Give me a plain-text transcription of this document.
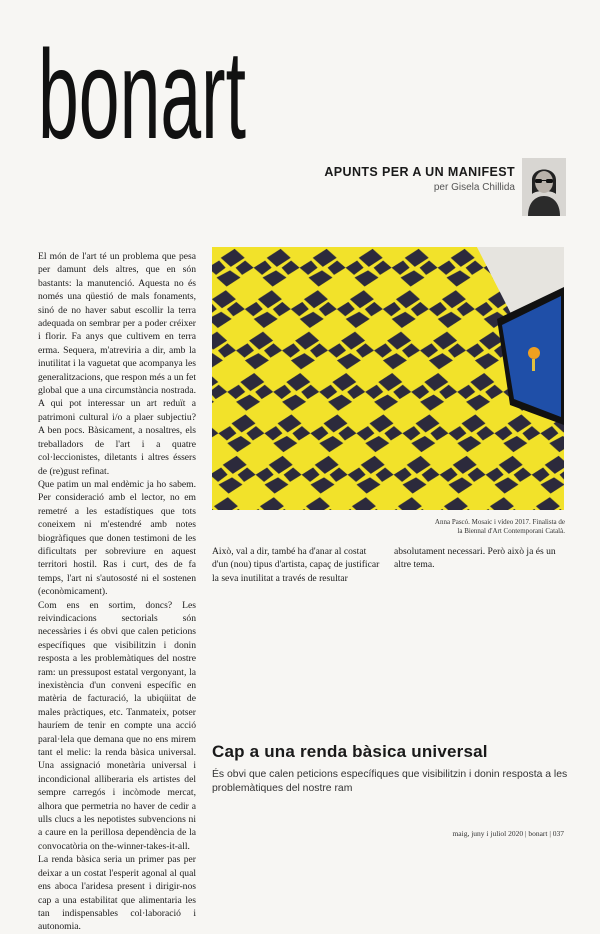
bonart
APUNTS PER A UN MANIFEST
per Gisela Chillida

El món de l'art té un problema que pesa per damunt dels altres, que en són bastants: la manutenció. Aquesta no és només una qüestió de mals fonaments, sinó de no haver sabut escollir la terra adequada on sembrar per a poder créixer i florir. Fa anys que cultivem en terra erma. Sequera, m'atreviria a dir, amb la inutilitat i la vaguetat que acompanya les generalitzacions, que respon més a un fet global que a una circumstància nostrada. A qui pot interessar un art reduït a patrimoni cultural i/o a plaer subjectiu? A ben pocs. Bàsicament, a nosaltres, els treballadors de l'art i a quatre col·leccionistes, diletants i altres éssers de (re)gust refinat.

Que patim un mal endèmic ja ho sabem. Per consideració amb el lector, no em remetré a les estadístiques que tots coneixem ni m'estendré amb notes biogràfiques que donen testimoni de les dificultats per sobreviure en aquest territori hostil. Ras i curt, des de fa temps, l'art ni s'autososté ni el sostenen (econòmicament).

Com ens en sortim, doncs? Les reivindicacions sectorials són necessàries i és obvi que calen peticions específiques que visibilitzin i donin resposta a les problemàtiques del nostre ram: un pressupost estatal vergonyant, la inexistència d'un conveni específic en matèria de facturació, la ubiqüitat de males pràctiques, etc. Tanmateix, potser hauríem de tenir en compte una acció paral·lela que demana que no ens mirem tant el melic: la renda bàsica universal. Una assignació monetària universal i incondicional alliberaria els artistes del sempre carregós i incòmode mercat, alhora que permetria no haver de cedir a ulls clucs a les nepotistes subvencions ni a caure en la perillosa dependència de la convocatòria on the-winner-takes-it-all.

La renda bàsica seria un primer pas per deixar a un costat l'esperit agonal al qual ens aboca l'aridesa present i dirigir-nos cap a una estabilitat que alimentaria les tan indispensables col·laboració i autonomia.

Anna Pascó. Mosaic i vídeo 2017. Finalista de
la Biennal d'Art Contemporani Català.

Això, val a dir, també ha d'anar al costat d'un (nou) tipus d'artista, capaç de justificar la seva inutilitat a través de resultar

absolutament necessari. Però això ja és un altre tema.

Cap a una renda bàsica universal
És obvi que calen peticions específiques que visibilitzin i donin resposta a les problemàtiques del nostre ram
maig, juny i juliol 2020 | bonart | 037
